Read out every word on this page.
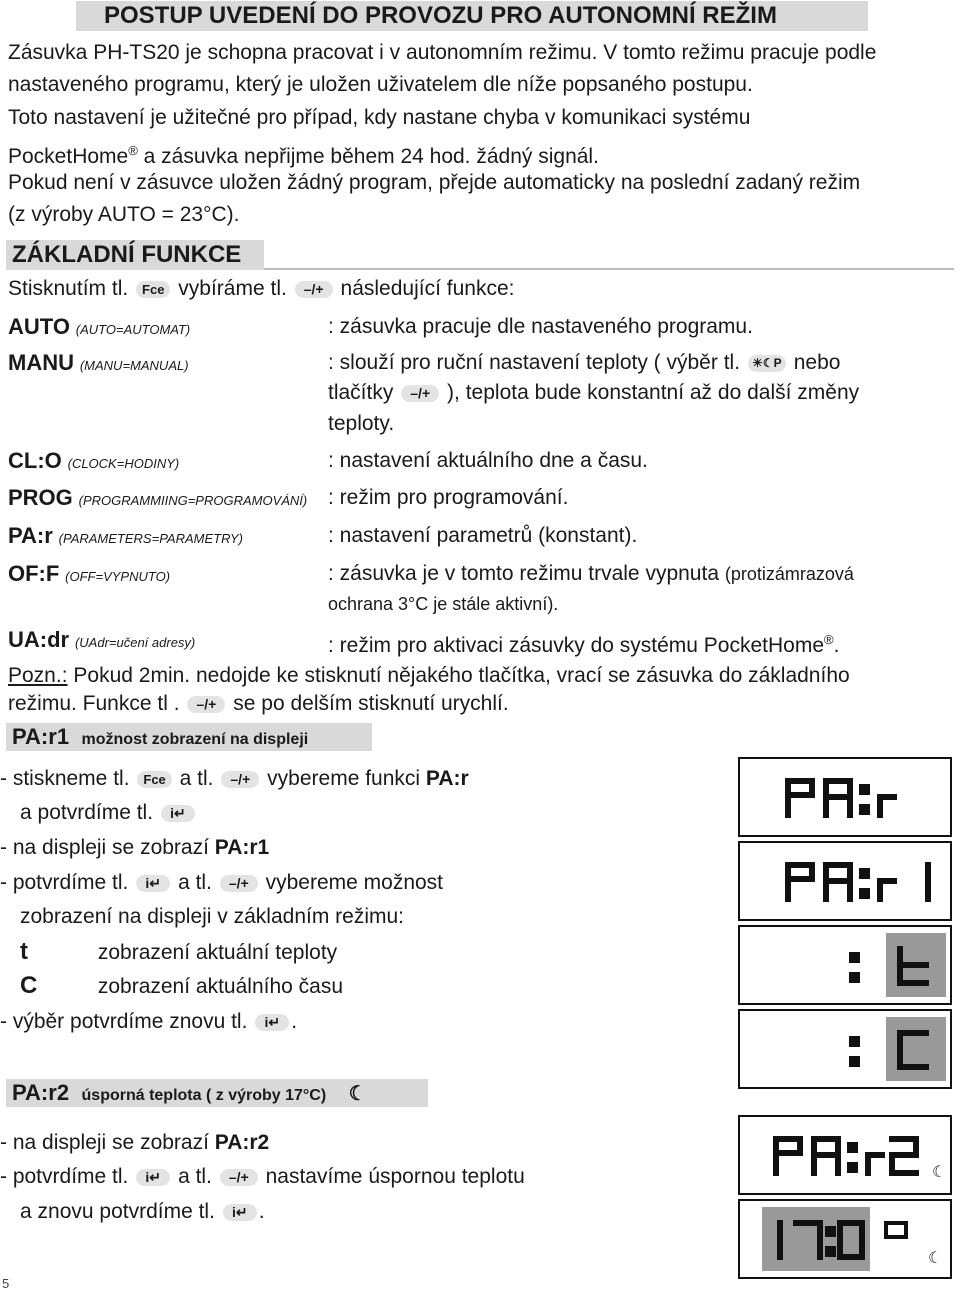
POSTUP UVEDENÍ DO PROVOZU PRO AUTONOMNÍ REŽIM
Zásuvka PH-TS20 je schopna pracovat i v autonomním režimu. V tomto režimu pracuje podle
nastaveného programu, který je uložen uživatelem dle níže popsaného postupu.
Toto nastavení je užitečné pro případ, kdy nastane chyba v komunikaci systému
PocketHome® a zásuvka nepřijme během 24 hod. žádný signál.
Pokud není v zásuvce uložen žádný program, přejde automaticky na poslední zadaný režim
(z výroby AUTO = 23°C).
ZÁKLADNÍ FUNKCE
Stisknutím tl. Fce vybíráme tl. –/+ následující funkce:
AUTO (AUTO=AUTOMAT)	: zásuvka pracuje dle nastaveného programu.
MANU (MANU=MANUAL)	: slouží pro ruční nastavení teploty ( výběr tl. ☀☾P nebo
tlačítky –/+ ), teplota bude konstantní až do další změny
teploty.
CL:O (CLOCK=HODINY)	: nastavení aktuálního dne a času.
PROG (PROGRAMMIING=PROGRAMOVÁNÍ) : režim pro programování.
PA:r (PARAMETERS=PARAMETRY)	: nastavení parametrů (konstant).
OF:F (OFF=VYPNUTO)	: zásuvka je v tomto režimu trvale vypnuta (protizámrazová
ochrana 3°C je stále aktivní).
UA:dr (UAdr=učení adresy)	: režim pro aktivaci zásuvky do systému PocketHome®.
Pozn.: Pokud 2min. nedojde ke stisknutí nějakého tlačítka, vrací se zásuvka do základního
režimu. Funkce tl . –/+ se po delším stisknutí urychlí.
PA:r1 možnost zobrazení na displeji
- stiskneme tl. Fce a tl. –/+ vybereme funkci PA:r
a potvrdíme tl. i↵
- na displeji se zobrazí PA:r1
- potvrdíme tl. i↵ a tl. –/+ vybereme možnost
zobrazení na displeji v základním režimu:
t	zobrazení aktuální teploty
C	zobrazení aktuálního času
- výběr potvrdíme znovu tl. i↵ .
PA:r2 úsporná teplota ( z výroby 17°C) ☾
- na displeji se zobrazí PA:r2
- potvrdíme tl. i↵ a tl. –/+ nastavíme úspornou teplotu
a znovu potvrdíme tl. i↵ .
☾
☾
5
